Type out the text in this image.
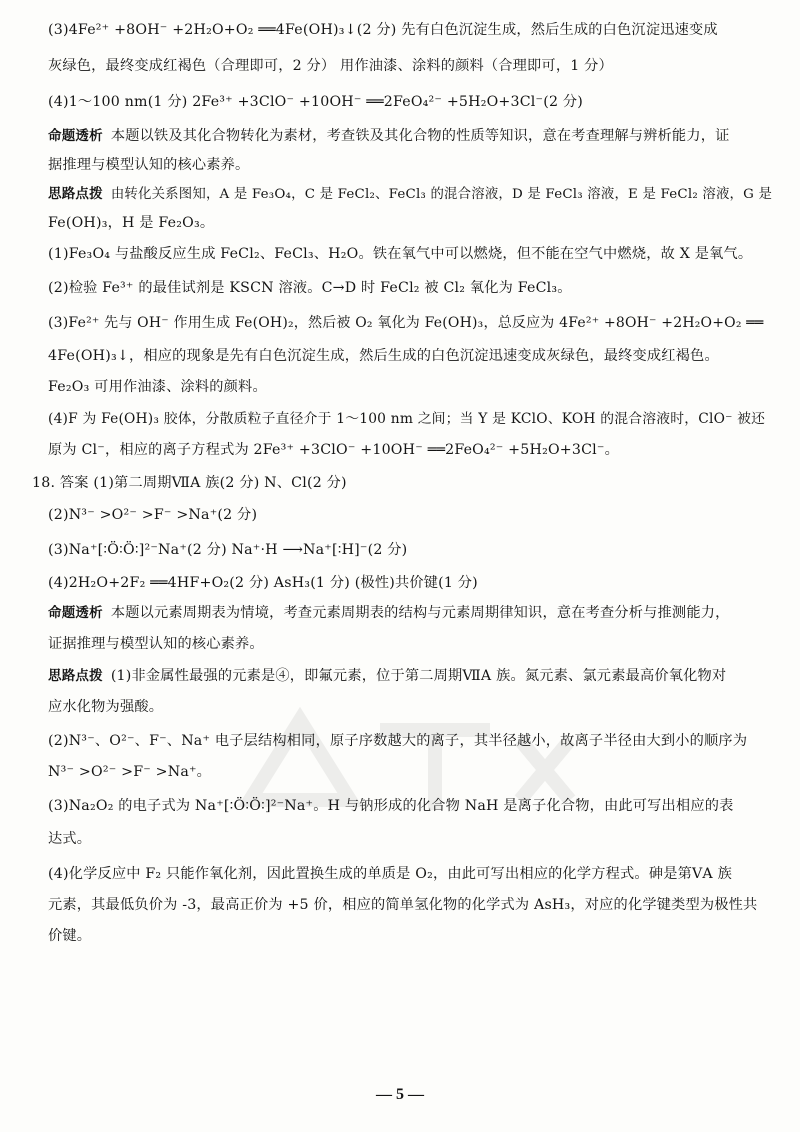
(3)4Fe²⁺ +8OH⁻ +2H₂O+O₂ ══4Fe(OH)₃↓(2 分) 先有白色沉淀生成，然后生成的白色沉淀迅速变成
灰绿色，最终变成红褐色（合理即可，2 分） 用作油漆、涂料的颜料（合理即可，1 分）
(4)1～100 nm(1 分) 2Fe³⁺ +3ClO⁻ +10OH⁻ ══2FeO₄²⁻ +5H₂O+3Cl⁻(2 分)
命题透析 本题以铁及其化合物转化为素材，考查铁及其化合物的性质等知识，意在考查理解与辨析能力，证
据推理与模型认知的核心素养。
思路点拨 由转化关系图知，A 是 Fe₃O₄，C 是 FeCl₂、FeCl₃ 的混合溶液，D 是 FeCl₃ 溶液，E 是 FeCl₂ 溶液，G 是
Fe(OH)₃，H 是 Fe₂O₃。
(1)Fe₃O₄ 与盐酸反应生成 FeCl₂、FeCl₃、H₂O。铁在氧气中可以燃烧，但不能在空气中燃烧，故 X 是氧气。
(2)检验 Fe³⁺ 的最佳试剂是 KSCN 溶液。C→D 时 FeCl₂ 被 Cl₂ 氧化为 FeCl₃。
(3)Fe²⁺ 先与 OH⁻ 作用生成 Fe(OH)₂，然后被 O₂ 氧化为 Fe(OH)₃，总反应为 4Fe²⁺ +8OH⁻ +2H₂O+O₂ ══
4Fe(OH)₃↓，相应的现象是先有白色沉淀生成，然后生成的白色沉淀迅速变成灰绿色，最终变成红褐色。
Fe₂O₃ 可用作油漆、涂料的颜料。
(4)F 为 Fe(OH)₃ 胶体，分散质粒子直径介于 1～100 nm 之间；当 Y 是 KClO、KOH 的混合溶液时，ClO⁻ 被还
原为 Cl⁻，相应的离子方程式为 2Fe³⁺ +3ClO⁻ +10OH⁻ ══2FeO₄²⁻ +5H₂O+3Cl⁻。
18. 答案 (1)第二周期ⅦA 族(2 分) N、Cl(2 分)
(2)N³⁻ >O²⁻ >F⁻ >Na⁺(2 分)
(3)Na⁺[∶Ö∶Ö∶]²⁻Na⁺(2 分) Na⁺·H ⟶Na⁺[∶H]⁻(2 分)
(4)2H₂O+2F₂ ══4HF+O₂(2 分) AsH₃(1 分) (极性)共价键(1 分)
命题透析 本题以元素周期表为情境，考查元素周期表的结构与元素周期律知识，意在考查分析与推测能力，
证据推理与模型认知的核心素养。
思路点拨 (1)非金属性最强的元素是④，即氟元素，位于第二周期ⅦA 族。氮元素、氯元素最高价氧化物对
应水化物为强酸。
(2)N³⁻、O²⁻、F⁻、Na⁺ 电子层结构相同，原子序数越大的离子，其半径越小，故离子半径由大到小的顺序为
N³⁻ >O²⁻ >F⁻ >Na⁺。
(3)Na₂O₂ 的电子式为 Na⁺[∶Ö∶Ö∶]²⁻Na⁺。H 与钠形成的化合物 NaH 是离子化合物，由此可写出相应的表
达式。
(4)化学反应中 F₂ 只能作氧化剂，因此置换生成的单质是 O₂，由此可写出相应的化学方程式。砷是第ⅤA 族
元素，其最低负价为 -3，最高正价为 +5 价，相应的简单氢化物的化学式为 AsH₃，对应的化学键类型为极性共
价键。
— 5 —
